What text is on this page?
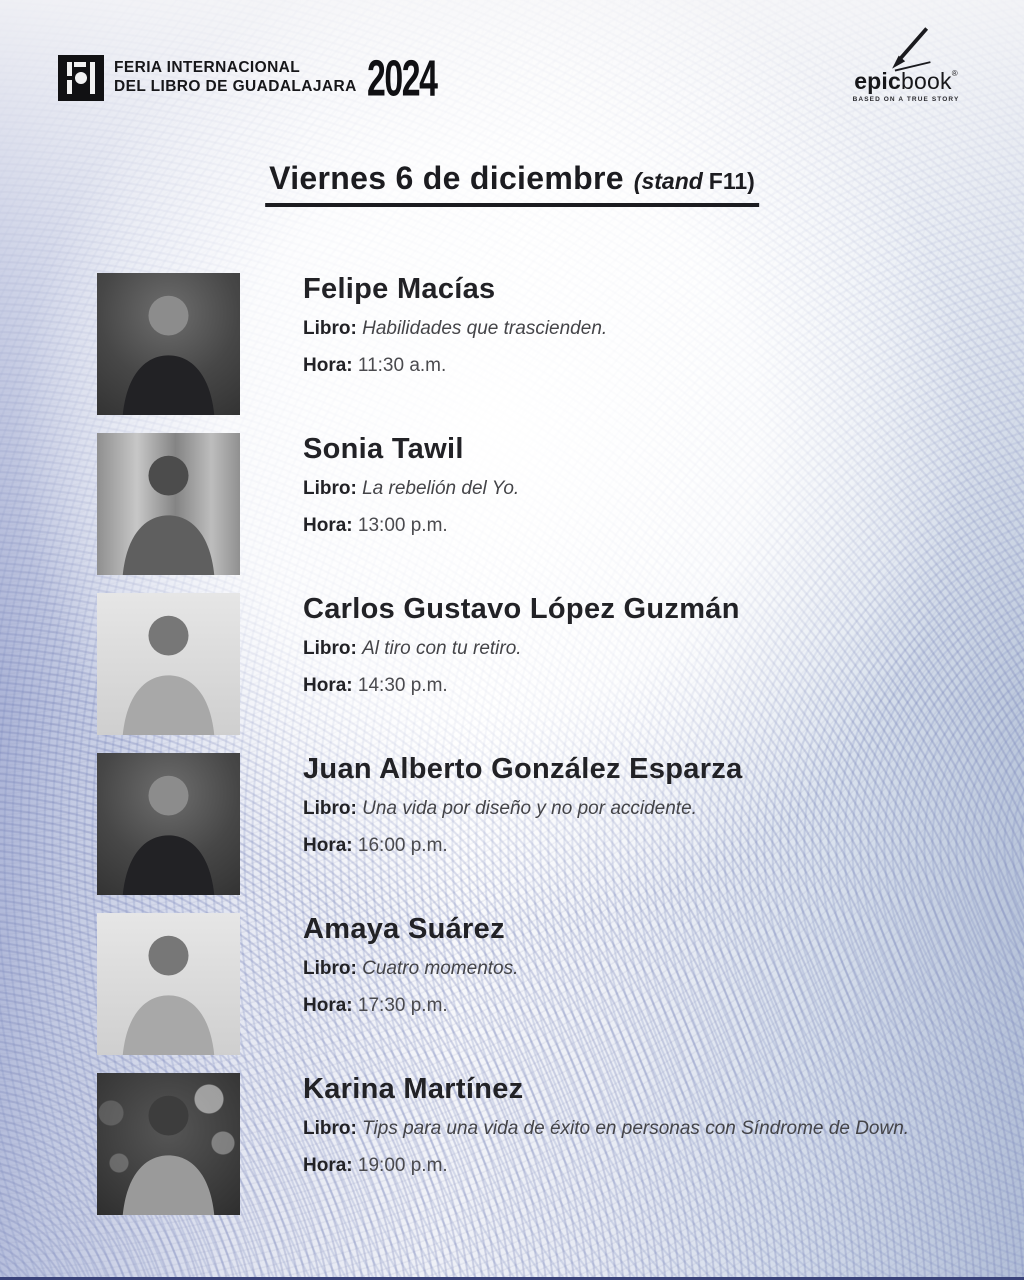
FERIA INTERNACIONAL
DEL LIBRO DE GUADALAJARA 2024	epicbook®
BASED ON A TRUE STORY
Viernes 6 de diciembre (stand F11)
Felipe Macías
Libro: Habilidades que trascienden.
Hora: 11:30 a.m.
Sonia Tawil
Libro: La rebelión del Yo.
Hora: 13:00 p.m.
Carlos Gustavo López Guzmán
Libro: Al tiro con tu retiro.
Hora: 14:30 p.m.
Juan Alberto González Esparza
Libro: Una vida por diseño y no por accidente.
Hora: 16:00 p.m.
Amaya Suárez
Libro: Cuatro momentos.
Hora: 17:30 p.m.
Karina Martínez
Libro: Tips para una vida de éxito en personas con Síndrome de Down.
Hora: 19:00 p.m.
